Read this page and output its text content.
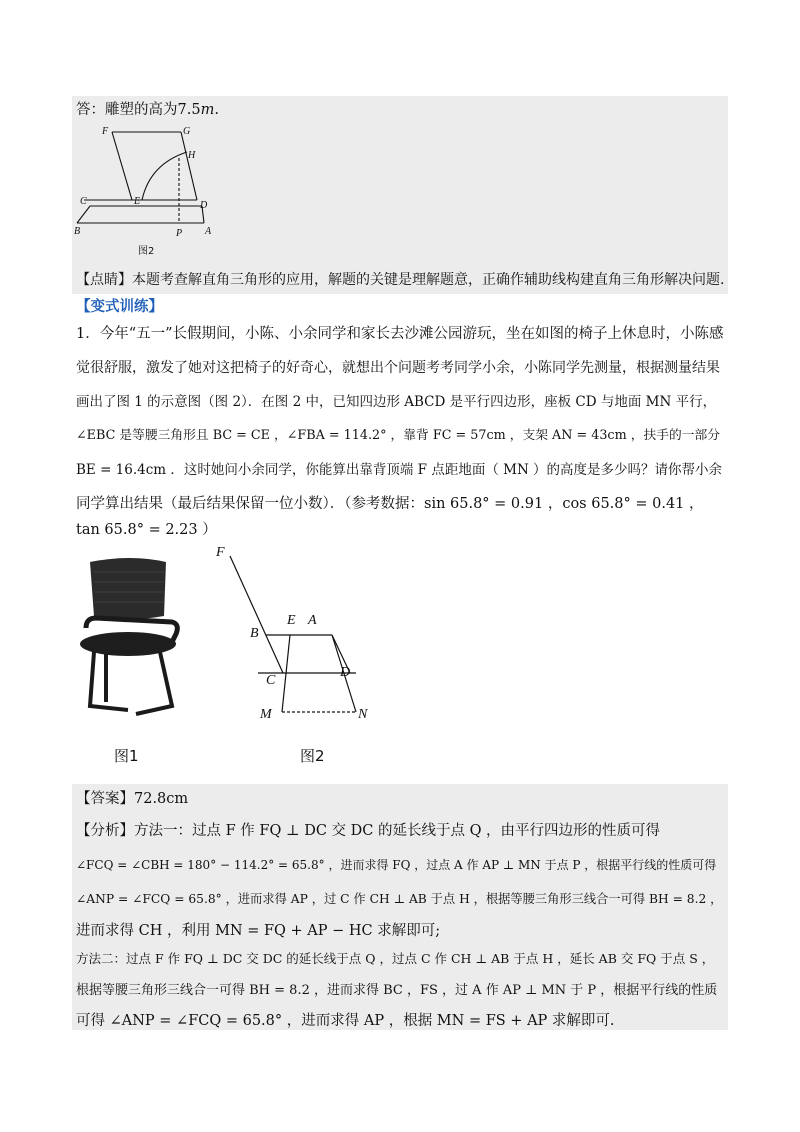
答：雕塑的高为7.5m.
F	G
H
C	E	D
B	P A
图2
【点睛】本题考查解直角三角形的应用，解题的关键是理解题意，正确作辅助线构建直角三角形解决问题.
【变式训练】
1．今年“五一”长假期间，小陈、小余同学和家长去沙滩公园游玩，坐在如图的椅子上休息时，小陈感
觉很舒服，激发了她对这把椅子的好奇心，就想出个问题考考同学小余，小陈同学先测量，根据测量结果
画出了图 1 的示意图（图 2）．在图 2 中，已知四边形 ABCD 是平行四边形，座板 CD 与地面 MN 平行，
∠EBC 是等腰三角形且 BC = CE ，∠FBA = 114.2° ，靠背 FC = 57cm ，支架 AN = 43cm ，扶手的一部分
BE = 16.4cm ．这时她问小余同学，你能算出靠背顶端 F 点距地面（ MN ）的高度是多少吗？请你帮小余
同学算出结果（最后结果保留一位小数）．（参考数据：sin 65.8° = 0.91 ，cos 65.8° = 0.41 ，
tan 65.8° = 2.23 ）
图1
F
E A
B
C
D
M	N
图2
【答案】72.8cm
【分析】方法一：过点 F 作 FQ ⊥ DC 交 DC 的延长线于点 Q ，由平行四边形的性质可得
∠FCQ = ∠CBH = 180° − 114.2° = 65.8° ，进而求得 FQ ，过点 A 作 AP ⊥ MN 于点 P ，根据平行线的性质可得
∠ANP = ∠FCQ = 65.8° ，进而求得 AP ，过 C 作 CH ⊥ AB 于点 H ，根据等腰三角形三线合一可得 BH = 8.2 ，
进而求得 CH ，利用 MN = FQ + AP − HC 求解即可;
方法二：过点 F 作 FQ ⊥ DC 交 DC 的延长线于点 Q ，过点 C 作 CH ⊥ AB 于点 H ，延长 AB 交 FQ 于点 S ，
根据等腰三角形三线合一可得 BH = 8.2 ，进而求得 BC ，FS ，过 A 作 AP ⊥ MN 于 P ，根据平行线的性质
可得 ∠ANP = ∠FCQ = 65.8° ，进而求得 AP ，根据 MN = FS + AP 求解即可.
